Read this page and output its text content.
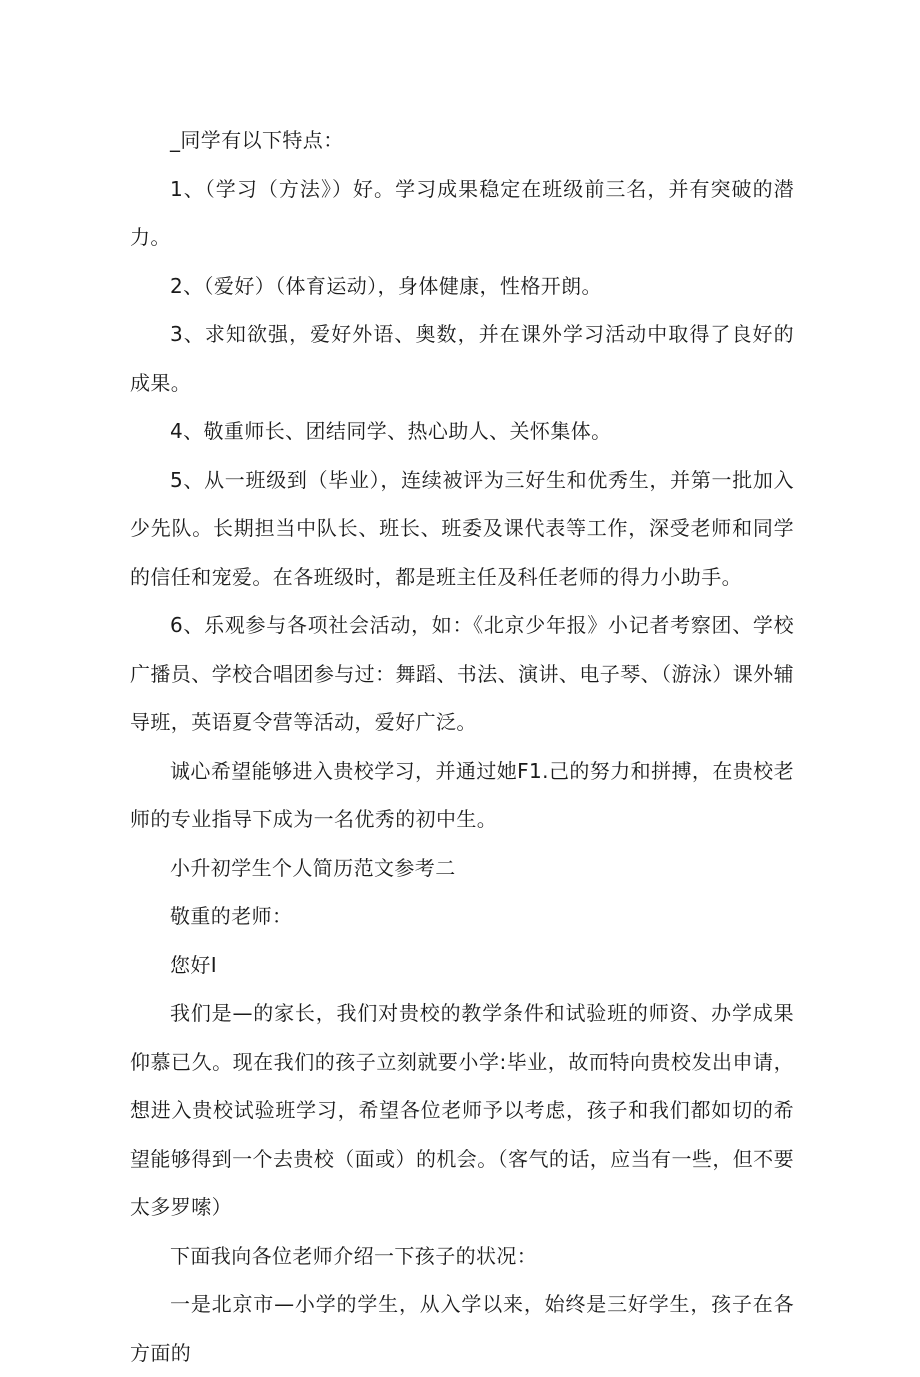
_同学有以下特点：

1、（学习（方法》）好。学习成果稳定在班级前三名，并有突破的潜力。

2、（爱好）（体育运动），身体健康，性格开朗。

3、求知欲强，爱好外语、奥数，并在课外学习活动中取得了良好的成果。

4、敬重师长、团结同学、热心助人、关怀集体。

5、从一班级到（毕业），连续被评为三好生和优秀生，并第一批加入少先队。长期担当中队长、班长、班委及课代表等工作，深受老师和同学的信任和宠爱。在各班级时，都是班主任及科任老师的得力小助手。

6、乐观参与各项社会活动，如：《北京少年报》小记者考察团、学校广播员、学校合唱团参与过：舞蹈、书法、演讲、电子琴、（游泳）课外辅导班，英语夏令营等活动，爱好广泛。

诚心希望能够进入贵校学习，并通过她F1.己的努力和拼搏，在贵校老师的专业指导下成为一名优秀的初中生。

小升初学生个人简历范文参考二

敬重的老师：

您好I

我们是—的家长，我们对贵校的教学条件和试验班的师资、办学成果仰慕已久。现在我们的孩子立刻就要小学:毕业，故而特向贵校发出申请，想进入贵校试验班学习，希望各位老师予以考虑，孩子和我们都如切的希望能够得到一个去贵校（面或）的机会。（客气的话，应当有一些，但不要太多罗嗦）

下面我向各位老师介绍一下孩子的状况：

一是北京市—小学的学生，从入学以来，始终是三好学生，孩子在各方面的
